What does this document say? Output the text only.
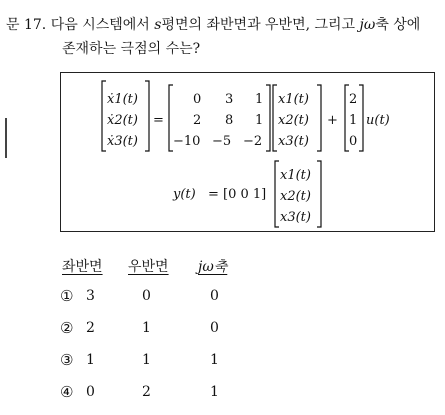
문 17. 다음 시스템에서 s평면의 좌반면과 우반면, 그리고 jω축 상에
존재하는 극점의 수는?
ẋ1(t)
ẋ2(t)
ẋ3(t)
=
0 3 1
2 8 1
−10 −5 −2
x1(t)
x2(t)
x3(t)
+
2
1
0
u(t)
y(t) = [0 0 1]
x1(t)
x2(t)
x3(t)
좌반면 우반면 jω축
① 3	0	0
② 2	1	0
③ 1	1	1
④ 0	2	1
